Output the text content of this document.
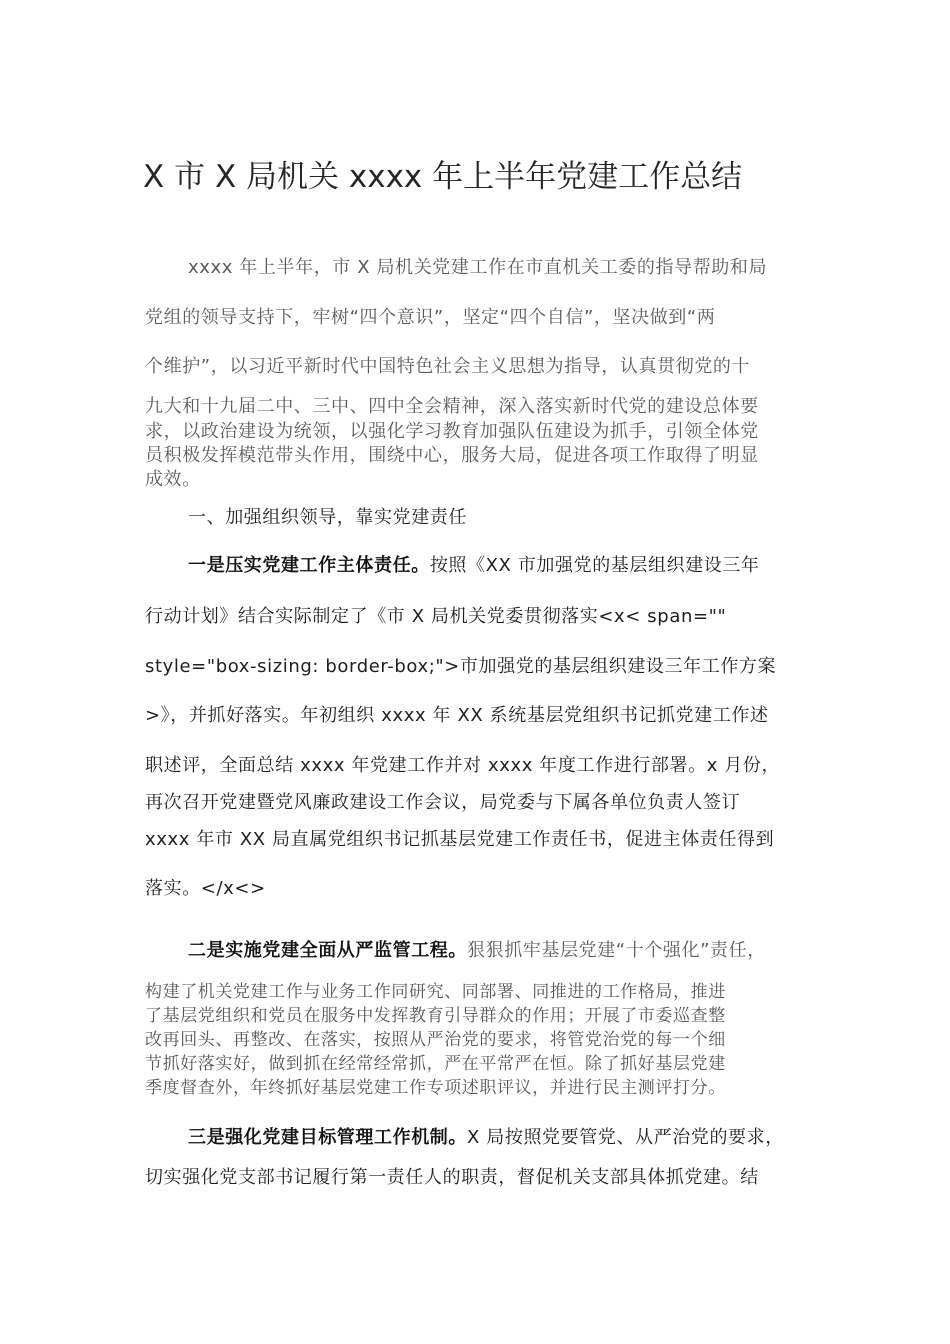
X 市 X 局机关 xxxx 年上半年党建工作总结
xxxx 年上半年，市 X 局机关党建工作在市直机关工委的指导帮助和局
党组的领导支持下，牢树“四个意识”，坚定“四个自信”，坚决做到“两
个维护”，以习近平新时代中国特色社会主义思想为指导，认真贯彻党的十
九大和十九届二中、三中、四中全会精神，深入落实新时代党的建设总体要
求，以政治建设为统领，以强化学习教育加强队伍建设为抓手，引领全体党
员积极发挥模范带头作用，围绕中心，服务大局，促进各项工作取得了明显
成效。
一、加强组织领导，靠实党建责任
一是压实党建工作主体责任。按照《XX 市加强党的基层组织建设三年
行动计划》结合实际制定了《市 X 局机关党委贯彻落实<x< span=""
style="box-sizing: border-box;">市加强党的基层组织建设三年工作方案
>》，并抓好落实。年初组织 xxxx 年 XX 系统基层党组织书记抓党建工作述
职述评，全面总结 xxxx 年党建工作并对 xxxx 年度工作进行部署。x 月份，
再次召开党建暨党风廉政建设工作会议，局党委与下属各单位负责人签订
xxxx 年市 XX 局直属党组织书记抓基层党建工作责任书，促进主体责任得到
落实。</x<>
二是实施党建全面从严监管工程。狠狠抓牢基层党建“十个强化”责任，
构建了机关党建工作与业务工作同研究、同部署、同推进的工作格局，推进
了基层党组织和党员在服务中发挥教育引导群众的作用；开展了市委巡查整
改再回头、再整改、在落实，按照从严治党的要求，将管党治党的每一个细
节抓好落实好，做到抓在经常经常抓，严在平常严在恒。除了抓好基层党建
季度督查外，年终抓好基层党建工作专项述职评议，并进行民主测评打分。
三是强化党建目标管理工作机制。X 局按照党要管党、从严治党的要求，
切实强化党支部书记履行第一责任人的职责，督促机关支部具体抓党建。结
